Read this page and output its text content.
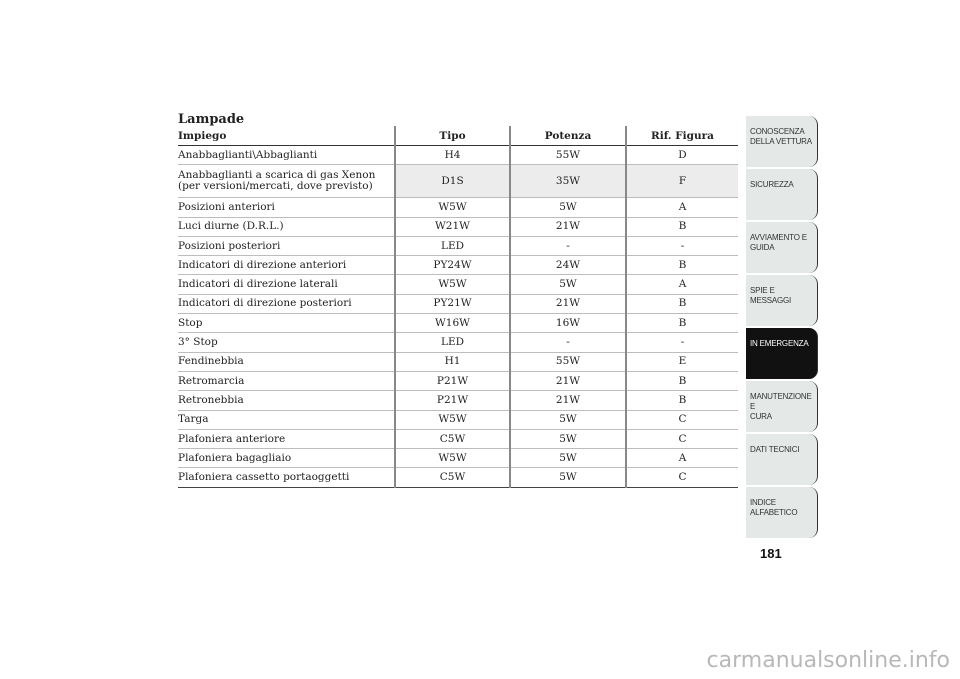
Lampade
Impiego	Tipo	Potenza	Rif. Figura
Anabbaglianti\Abbaglianti	H4	55W	D
Anabbaglianti a scarica di gas Xenon
(per versioni/mercati, dove previsto)	D1S	35W	F
Posizioni anteriori	W5W	5W	A
Luci diurne (D.R.L.)	W21W	21W	B
Posizioni posteriori	LED	-	-
Indicatori di direzione anteriori	PY24W	24W	B
Indicatori di direzione laterali	W5W	5W	A
Indicatori di direzione posteriori	PY21W	21W	B
Stop	W16W	16W	B
3° Stop	LED	-	-
Fendinebbia	H1	55W	E
Retromarcia	P21W	21W	B
Retronebbia	P21W	21W	B
Targa	W5W	5W	C
Plafoniera anteriore	C5W	5W	C
Plafoniera bagagliaio	W5W	5W	A
Plafoniera cassetto portaoggetti	C5W	5W	C
CONOSCENZA
DELLA VETTURA
SICUREZZA
AVVIAMENTO E
GUIDA
SPIE E MESSAGGI
IN EMERGENZA
MANUTENZIONE E
CURA
DATI TECNICI
INDICE
ALFABETICO
181
carmanualsonline.info
